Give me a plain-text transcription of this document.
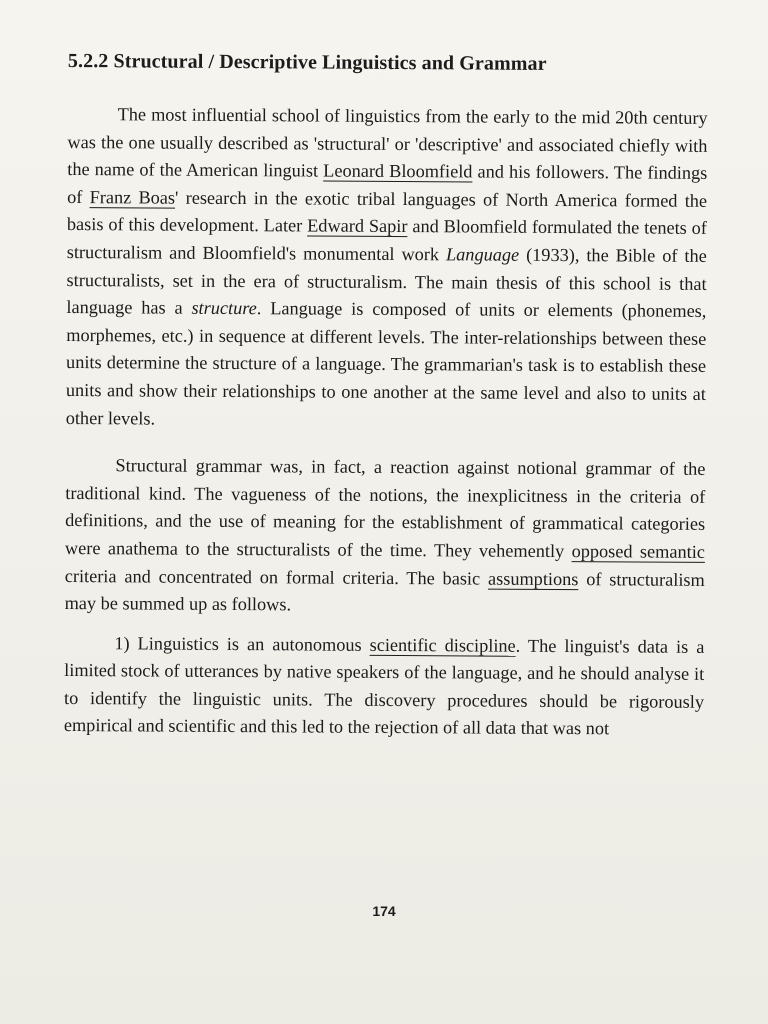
5.2.2 Structural / Descriptive Linguistics and Grammar

The most influential school of linguistics from the early to the mid 20th century was the one usually described as 'structural' or 'descriptive' and associated chiefly with the name of the American linguist Leonard Bloomfield and his followers. The findings of Franz Boas' research in the exotic tribal languages of North America formed the basis of this development. Later Edward Sapir and Bloomfield formulated the tenets of structuralism and Bloomfield's monumental work Language (1933), the Bible of the structuralists, set in the era of structuralism. The main thesis of this school is that language has a structure. Language is composed of units or elements (phonemes, morphemes, etc.) in sequence at different levels. The inter-relationships between these units determine the structure of a language. The grammarian's task is to establish these units and show their relationships to one another at the same level and also to units at other levels.

Structural grammar was, in fact, a reaction against notional grammar of the traditional kind. The vagueness of the notions, the inexplicitness in the criteria of definitions, and the use of meaning for the establishment of grammatical categories were anathema to the structuralists of the time. They vehemently opposed semantic criteria and concentrated on formal criteria. The basic assumptions of structuralism may be summed up as follows.

1) Linguistics is an autonomous scientific discipline. The linguist's data is a limited stock of utterances by native speakers of the language, and he should analyse it to identify the linguistic units. The discovery procedures should be rigorously empirical and scientific and this led to the rejection of all data that was not

174
